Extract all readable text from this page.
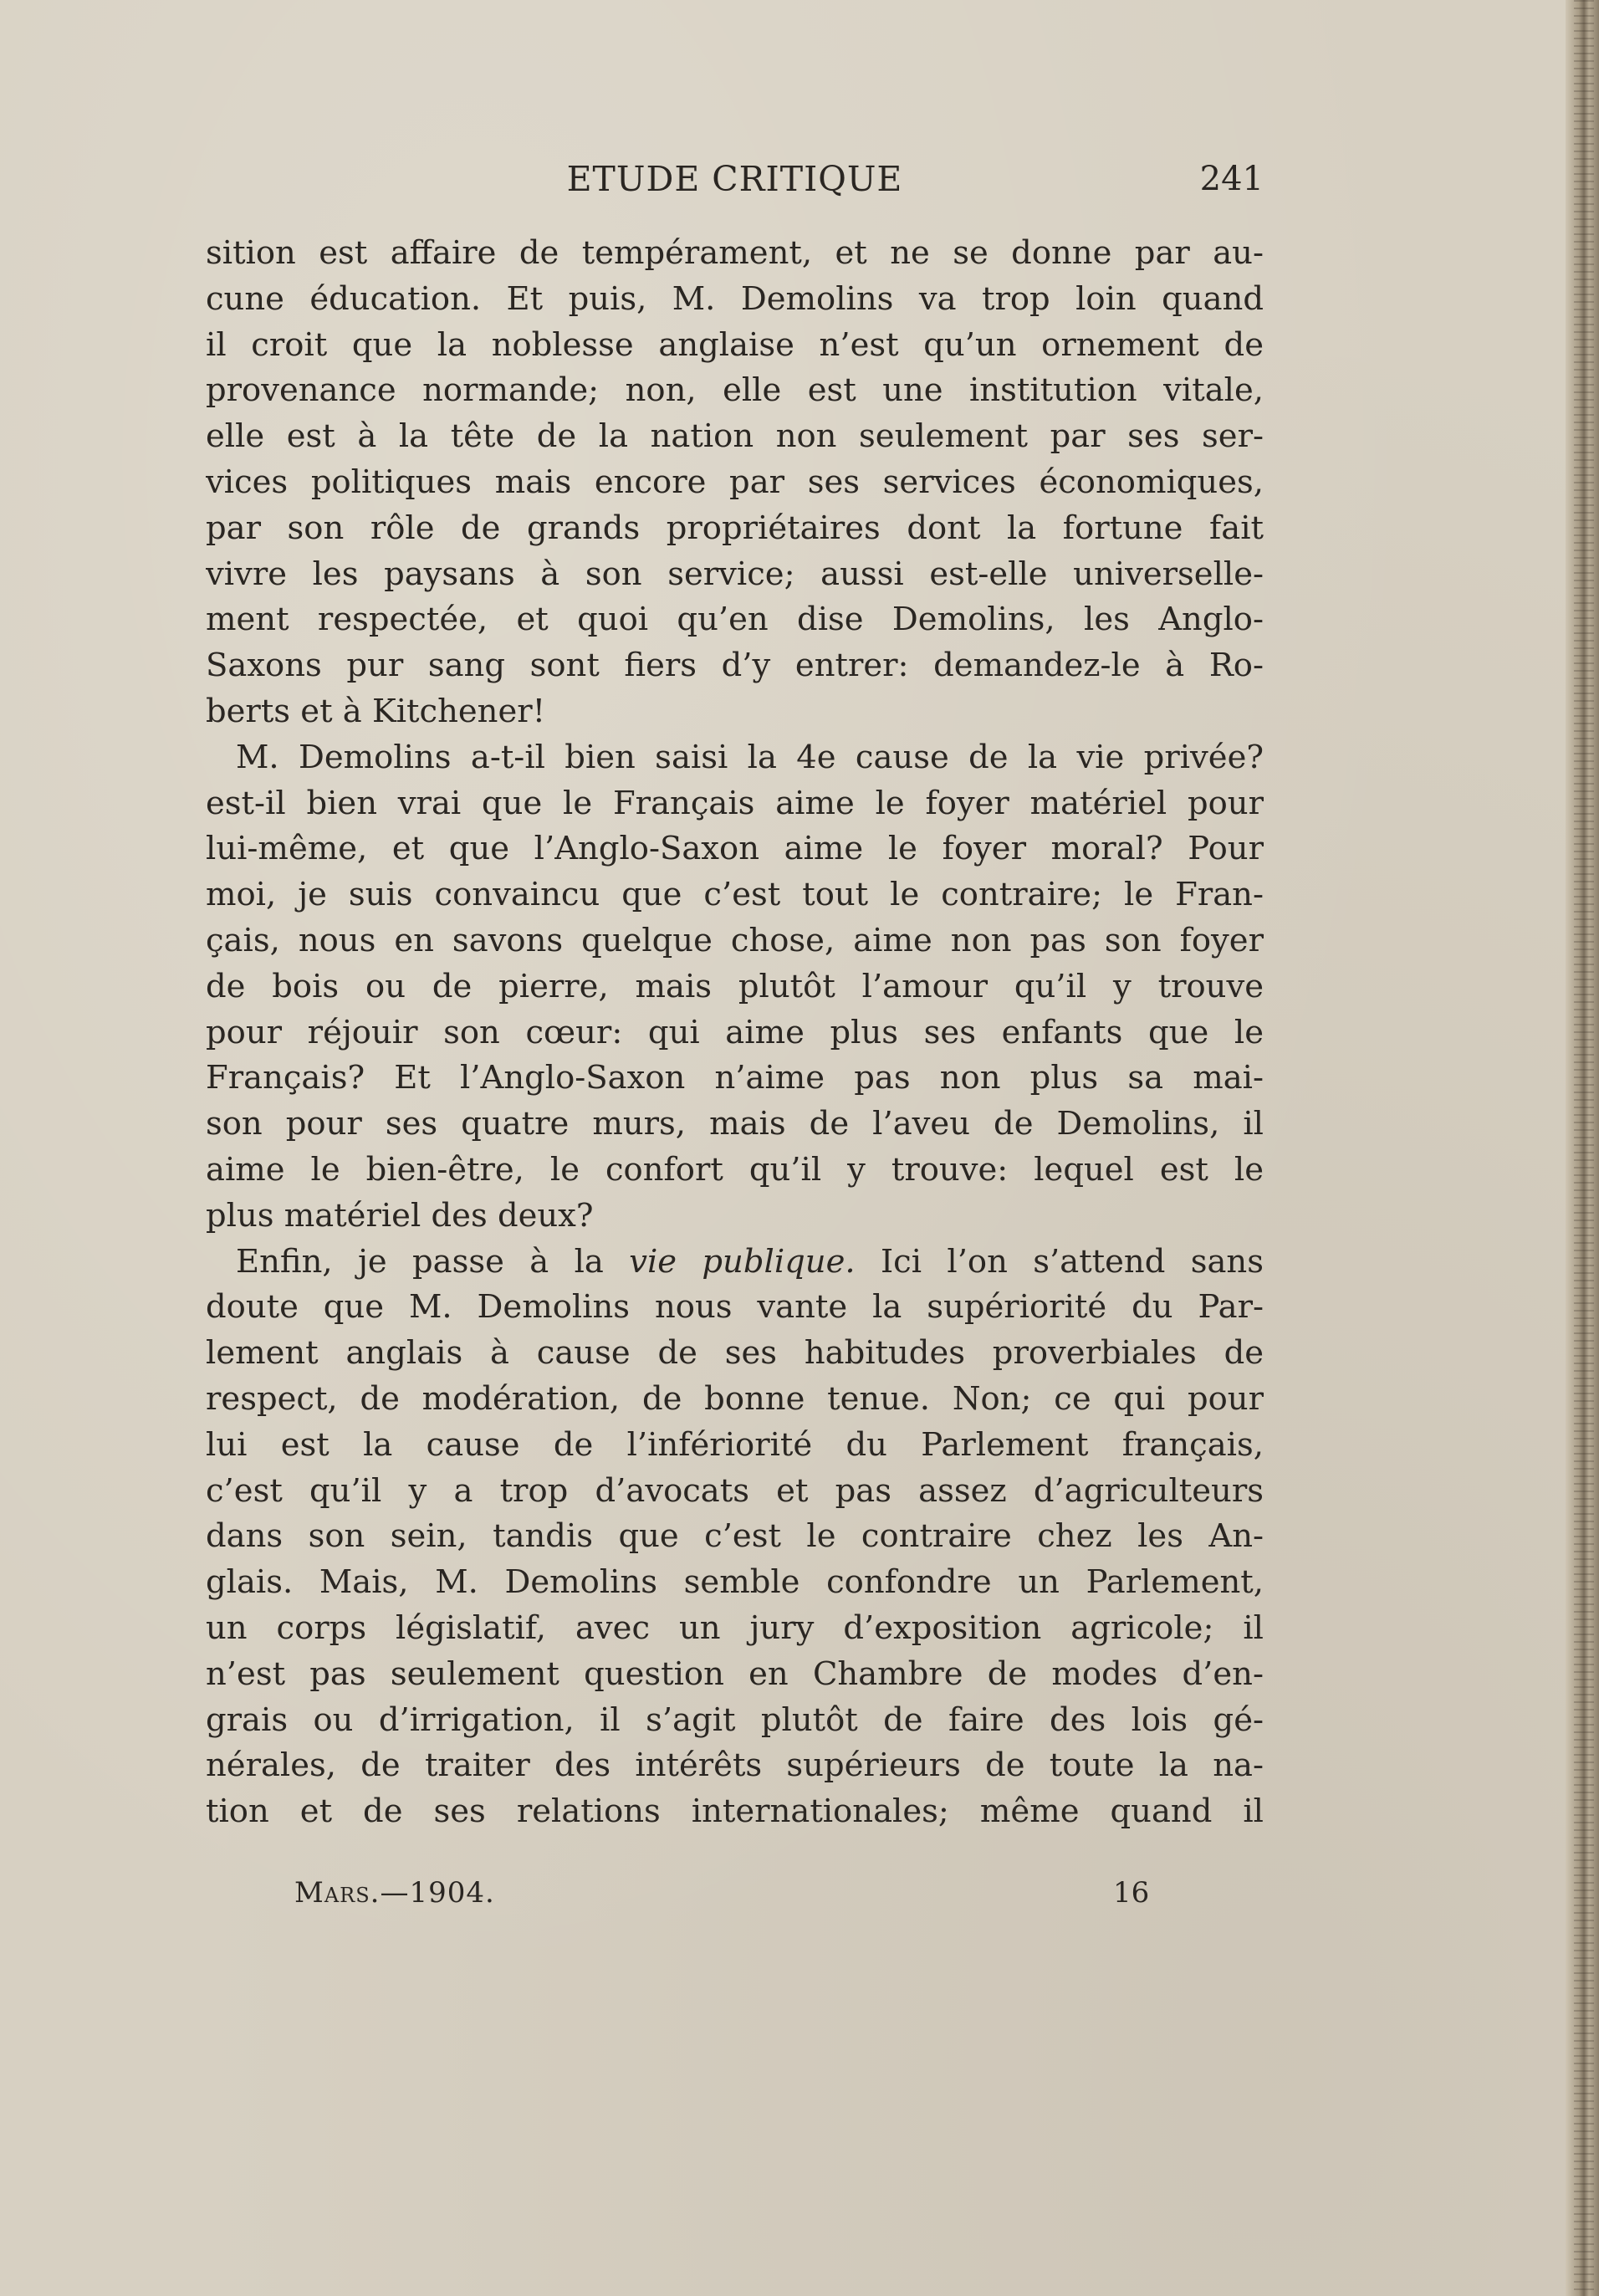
ETUDE CRITIQUE	241
sition est affaire de tempérament, et ne se donne par au-
cune éducation. Et puis, M. Demolins va trop loin quand
il croit que la noblesse anglaise n’est qu’un ornement de
provenance normande; non, elle est une institution vitale,
elle est à la tête de la nation non seulement par ses ser-
vices politiques mais encore par ses services économiques,
par son rôle de grands propriétaires dont la fortune fait
vivre les paysans à son service; aussi est-elle universelle-
ment respectée, et quoi qu’en dise Demolins, les Anglo-
Saxons pur sang sont fiers d’y entrer: demandez-le à Ro-
berts et à Kitchener!
M. Demolins a-t-il bien saisi la 4e cause de la vie privée?
est-il bien vrai que le Français aime le foyer matériel pour
lui-même, et que l’Anglo-Saxon aime le foyer moral? Pour
moi, je suis convaincu que c’est tout le contraire; le Fran-
çais, nous en savons quelque chose, aime non pas son foyer
de bois ou de pierre, mais plutôt l’amour qu’il y trouve
pour réjouir son cœur: qui aime plus ses enfants que le
Français? Et l’Anglo-Saxon n’aime pas non plus sa mai-
son pour ses quatre murs, mais de l’aveu de Demolins, il
aime le bien-être, le confort qu’il y trouve: lequel est le
plus matériel des deux?
Enfin, je passe à la vie publique. Ici l’on s’attend sans
doute que M. Demolins nous vante la supériorité du Par-
lement anglais à cause de ses habitudes proverbiales de
respect, de modération, de bonne tenue. Non; ce qui pour
lui est la cause de l’infériorité du Parlement français,
c’est qu’il y a trop d’avocats et pas assez d’agriculteurs
dans son sein, tandis que c’est le contraire chez les An-
glais. Mais, M. Demolins semble confondre un Parlement,
un corps législatif, avec un jury d’exposition agricole; il
n’est pas seulement question en Chambre de modes d’en-
grais ou d’irrigation, il s’agit plutôt de faire des lois gé-
nérales, de traiter des intérêts supérieurs de toute la na-
tion et de ses relations internationales; même quand il
Mars.—1904.	16
